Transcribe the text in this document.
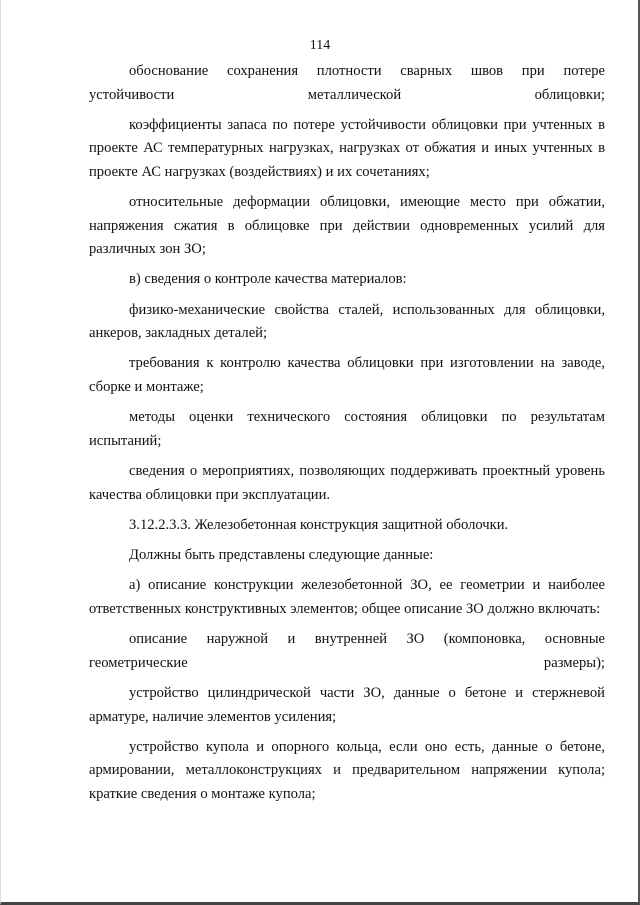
114

обоснование сохранения плотности сварных швов при потере
устойчивости металлической облицовки;

коэффициенты запаса по потере устойчивости облицовки при учтенных в проекте АС температурных нагрузках, нагрузках от обжатия и иных учтенных в проекте АС нагрузках (воздействиях) и их сочетаниях;

относительные деформации облицовки, имеющие место при обжатии, напряжения сжатия в облицовке при действии одновременных усилий для различных зон ЗО;

в) сведения о контроле качества материалов:

физико-механические свойства сталей, использованных для облицовки, анкеров, закладных деталей;

требования к контролю качества облицовки при изготовлении на заводе, сборке и монтаже;

методы оценки технического состояния облицовки по результатам испытаний;

сведения о мероприятиях, позволяющих поддерживать проектный уровень качества облицовки при эксплуатации.

3.12.2.3.3. Железобетонная конструкция защитной оболочки.

Должны быть представлены следующие данные:

а) описание конструкции железобетонной ЗО, ее геометрии и наиболее ответственных конструктивных элементов; общее описание ЗО должно включать:

описание наружной и внутренней ЗО (компоновка, основные
геометрические размеры);

устройство цилиндрической части ЗО, данные о бетоне и стержневой арматуре, наличие элементов усиления;

устройство купола и опорного кольца, если оно есть, данные о бетоне, армировании, металлоконструкциях и предварительном напряжении купола; краткие сведения о монтаже купола;
